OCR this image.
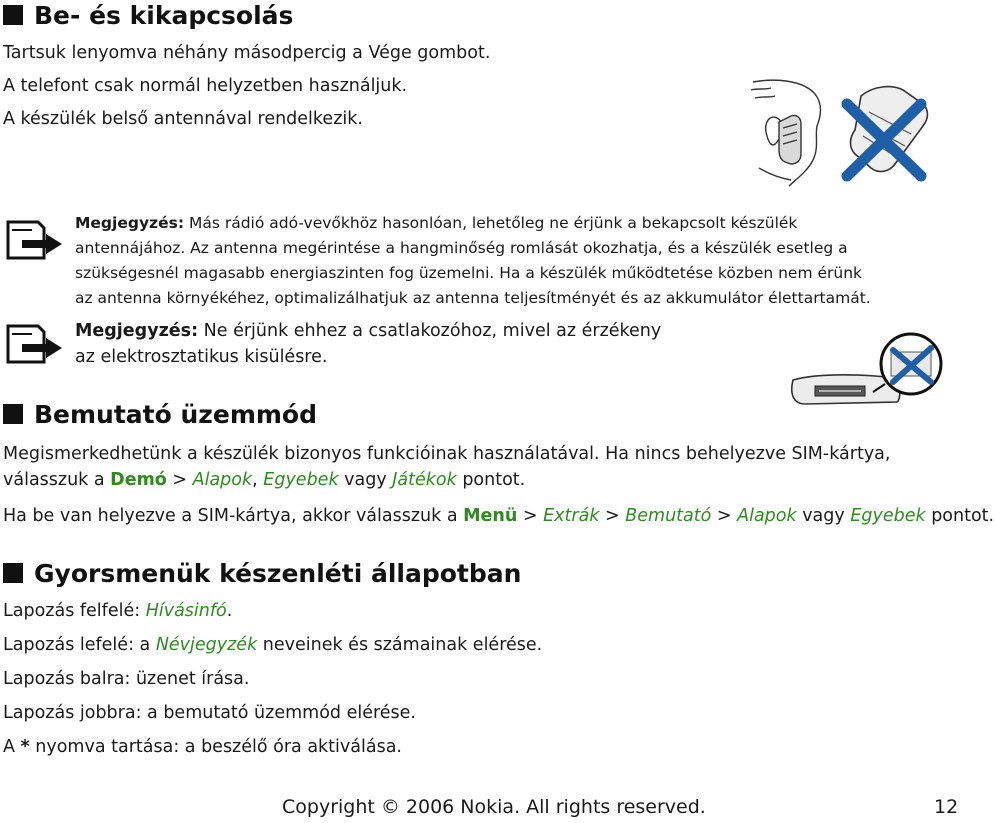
Be- és kikapcsolás
Tartsuk lenyomva néhány másodpercig a Vége gombot.
A telefont csak normál helyzetben használjuk.
A készülék belső antennával rendelkezik.
Megjegyzés: Más rádió adó-vevőkhöz hasonlóan, lehetőleg ne érjünk a bekapcsolt készülék antennájához. Az antenna megérintése a hangminőség romlását okozhatja, és a készülék esetleg a szükségesnél magasabb energiaszinten fog üzemelni. Ha a készülék működtetése közben nem érünk az antenna környékéhez, optimalizálhatjuk az antenna teljesítményét és az akkumulátor élettartamát.
Megjegyzés: Ne érjünk ehhez a csatlakozóhoz, mivel az érzékeny az elektrosztatikus kisülésre.
Bemutató üzemmód
Megismerkedhetünk a készülék bizonyos funkcióinak használatával. Ha nincs behelyezve SIM-kártya,
válasszuk a Demó > Alapok, Egyebek vagy Játékok pontot.
Ha be van helyezve a SIM-kártya, akkor válasszuk a Menü > Extrák > Bemutató > Alapok vagy Egyebek pontot.
Gyorsmenük készenléti állapotban
Lapozás felfelé: Hívásinfó.
Lapozás lefelé: a Névjegyzék neveinek és számainak elérése.
Lapozás balra: üzenet írása.
Lapozás jobbra: a bemutató üzemmód elérése.
A * nyomva tartása: a beszélő óra aktiválása.
Copyright © 2006 Nokia. All rights reserved.	12
